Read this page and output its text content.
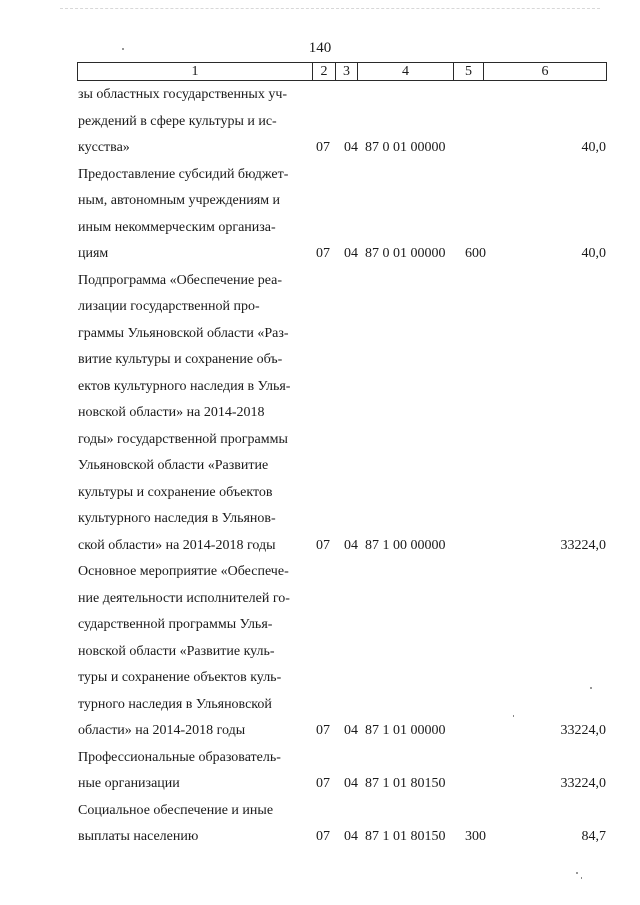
140
1	2	3	4	5	6
зы областных государственных уч-
реждений в сфере культуры и ис-
кусства»	07 04 87 0 01 00000	40,0
Предоставление субсидий бюджет-
ным, автономным учреждениям и
иным некоммерческим организа-
циям	07 04 87 0 01 00000 600	40,0
Подпрограмма «Обеспечение реа-
лизации государственной про-
граммы Ульяновской области «Раз-
витие культуры и сохранение объ-
ектов культурного наследия в Улья-
новской области» на 2014-2018
годы» государственной программы
Ульяновской области «Развитие
культуры и сохранение объектов
культурного наследия в Ульянов-
ской области» на 2014-2018 годы	07 04 87 1 00 00000	33224,0
Основное мероприятие «Обеспече-
ние деятельности исполнителей го-
сударственной программы Улья-
новской области «Развитие куль-
туры и сохранение объектов куль-
турного наследия в Ульяновской
области» на 2014-2018 годы	07 04 87 1 01 00000	33224,0
Профессиональные образователь-
ные организации	07 04 87 1 01 80150	33224,0
Социальное обеспечение и иные
выплаты населению	07 04 87 1 01 80150 300	84,7
